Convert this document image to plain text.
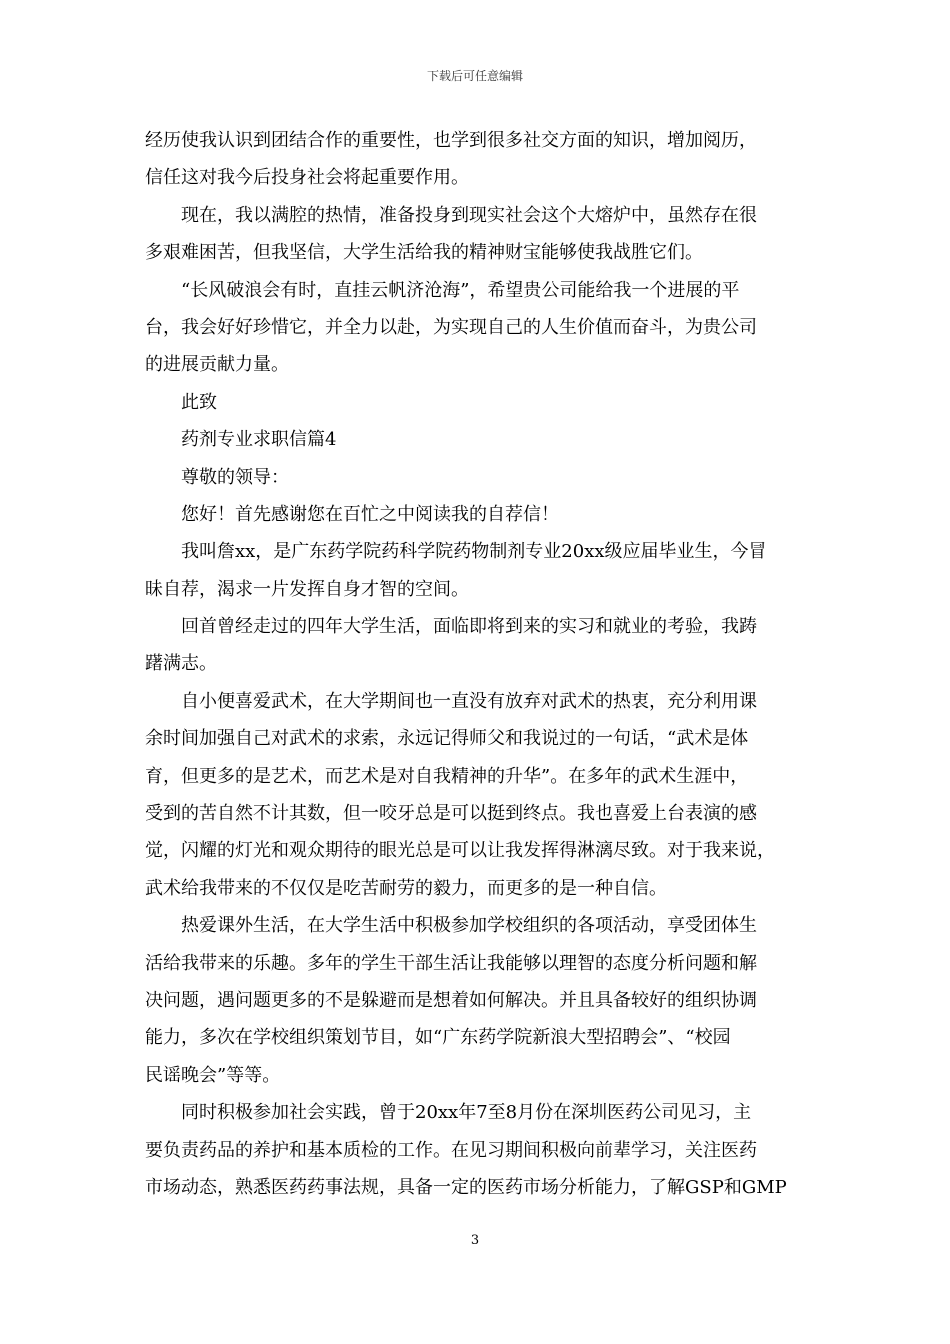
下载后可任意编辑
经历使我认识到团结合作的重要性，也学到很多社交方面的知识，增加阅历，
信任这对我今后投身社会将起重要作用。
现在，我以满腔的热情，准备投身到现实社会这个大熔炉中，虽然存在很
多艰难困苦，但我坚信，大学生活给我的精神财宝能够使我战胜它们。
“长风破浪会有时，直挂云帆济沧海”，希望贵公司能给我一个进展的平
台，我会好好珍惜它，并全力以赴，为实现自己的人生价值而奋斗，为贵公司
的进展贡献力量。
此致
药剂专业求职信篇4
尊敬的领导：
您好！首先感谢您在百忙之中阅读我的自荐信！
我叫詹xx，是广东药学院药科学院药物制剂专业20xx级应届毕业生，今冒
昧自荐，渴求一片发挥自身才智的空间。
回首曾经走过的四年大学生活，面临即将到来的实习和就业的考验，我踌
躇满志。
自小便喜爱武术，在大学期间也一直没有放弃对武术的热衷，充分利用课
余时间加强自己对武术的求索，永远记得师父和我说过的一句话，“武术是体
育，但更多的是艺术，而艺术是对自我精神的升华”。在多年的武术生涯中，
受到的苦自然不计其数，但一咬牙总是可以挺到终点。我也喜爱上台表演的感
觉，闪耀的灯光和观众期待的眼光总是可以让我发挥得淋漓尽致。对于我来说，
武术给我带来的不仅仅是吃苦耐劳的毅力，而更多的是一种自信。
热爱课外生活，在大学生活中积极参加学校组织的各项活动，享受团体生
活给我带来的乐趣。多年的学生干部生活让我能够以理智的态度分析问题和解
决问题，遇问题更多的不是躲避而是想着如何解决。并且具备较好的组织协调
能力，多次在学校组织策划节目，如“广东药学院新浪大型招聘会”、“校园
民谣晚会”等等。
同时积极参加社会实践，曾于20xx年7至8月份在深圳医药公司见习，主
要负责药品的养护和基本质检的工作。在见习期间积极向前辈学习，关注医药
市场动态，熟悉医药药事法规，具备一定的医药市场分析能力，了解GSP和GMP
3
